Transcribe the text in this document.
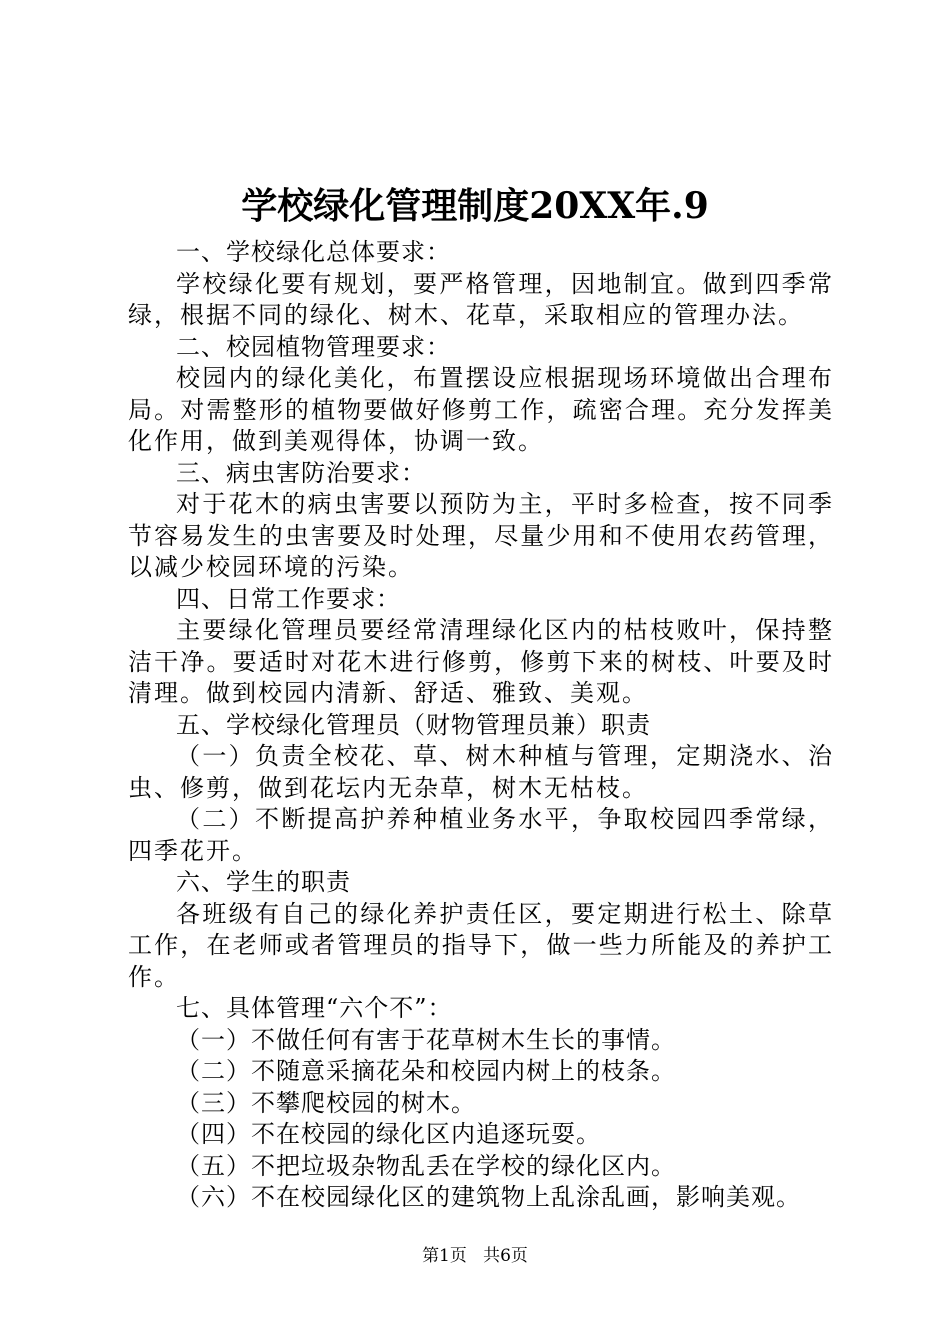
学校绿化管理制度20XX年.9

一、学校绿化总体要求：

学校绿化要有规划，要严格管理，因地制宜。做到四季常绿，根据不同的绿化、树木、花草，采取相应的管理办法。

二、校园植物管理要求：

校园内的绿化美化，布置摆设应根据现场环境做出合理布局。对需整形的植物要做好修剪工作，疏密合理。充分发挥美化作用，做到美观得体，协调一致。

三、病虫害防治要求：

对于花木的病虫害要以预防为主，平时多检查，按不同季节容易发生的虫害要及时处理，尽量少用和不使用农药管理，以减少校园环境的污染。

四、日常工作要求：

主要绿化管理员要经常清理绿化区内的枯枝败叶，保持整洁干净。要适时对花木进行修剪，修剪下来的树枝、叶要及时清理。做到校园内清新、舒适、雅致、美观。

五、学校绿化管理员（财物管理员兼）职责

（一）负责全校花、草、树木种植与管理，定期浇水、治虫、修剪，做到花坛内无杂草，树木无枯枝。

（二）不断提高护养种植业务水平，争取校园四季常绿，四季花开。

六、学生的职责

各班级有自己的绿化养护责任区，要定期进行松土、除草工作，在老师或者管理员的指导下，做一些力所能及的养护工作。

七、具体管理“六个不”：

（一）不做任何有害于花草树木生长的事情。

（二）不随意采摘花朵和校园内树上的枝条。

（三）不攀爬校园的树木。

（四）不在校园的绿化区内追逐玩耍。

（五）不把垃圾杂物乱丢在学校的绿化区内。

（六）不在校园绿化区的建筑物上乱涂乱画，影响美观。

第1页 共6页
